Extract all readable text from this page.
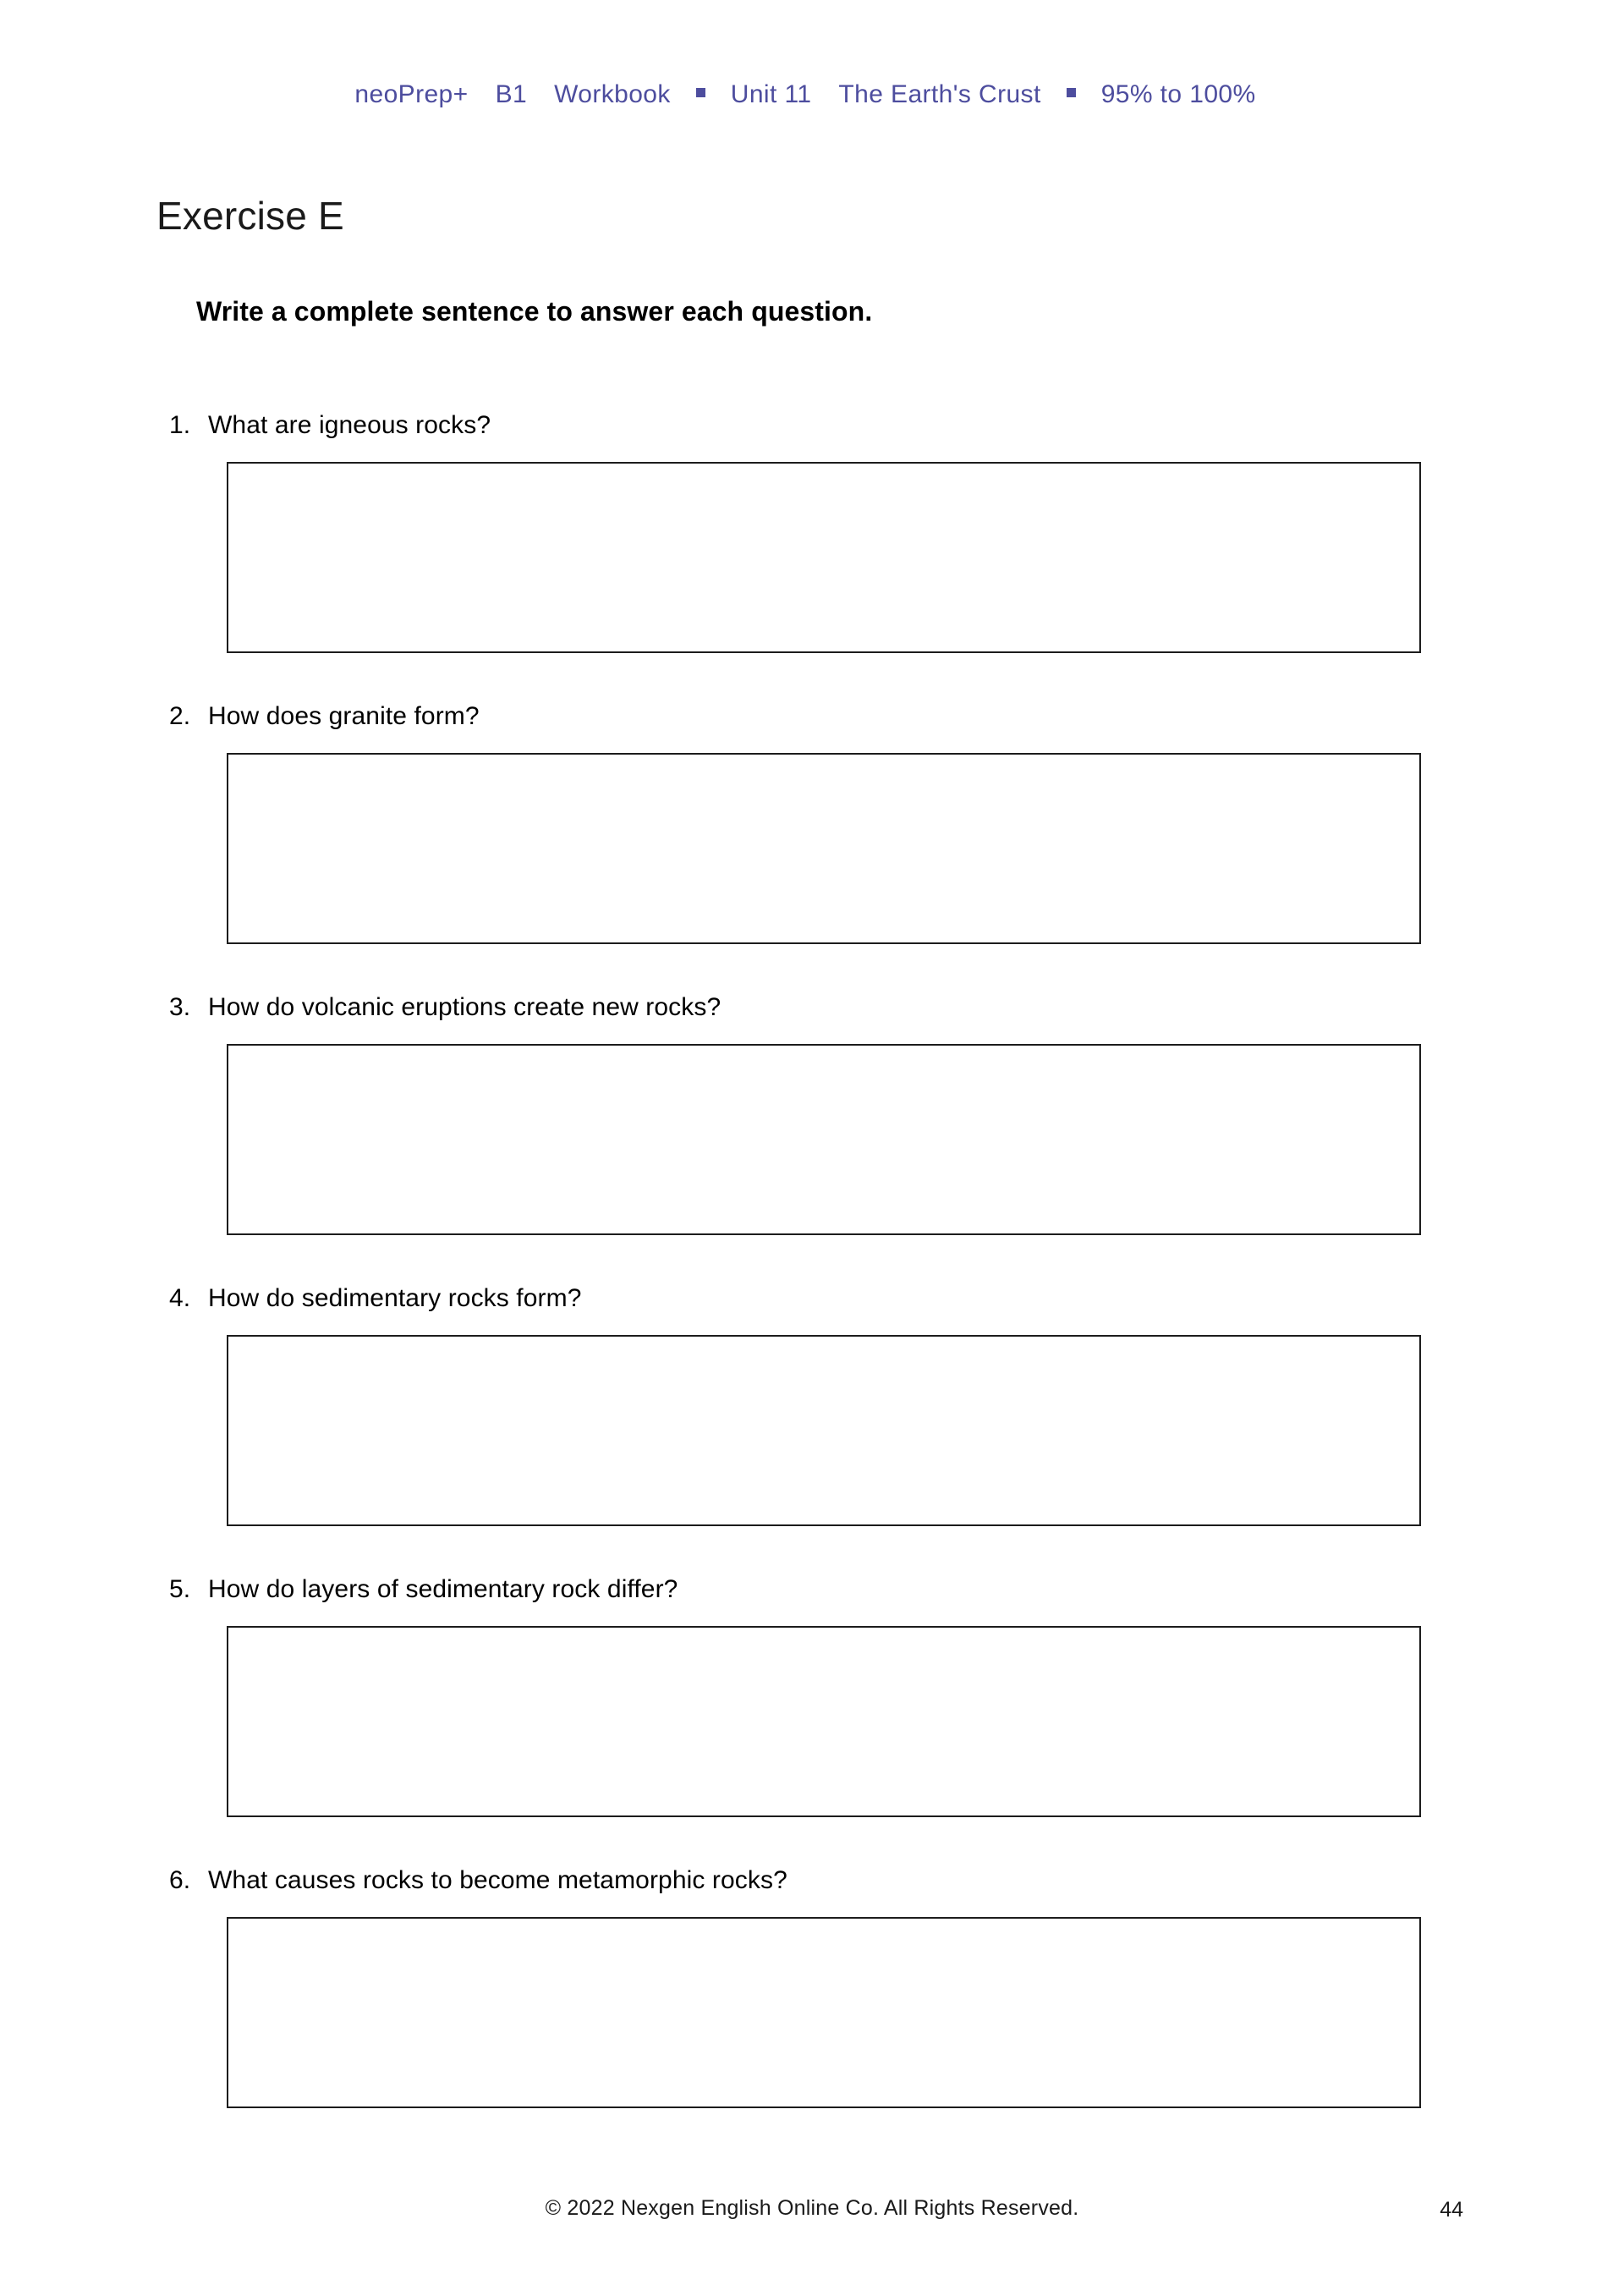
neoPrep+	B1	Workbook	Unit 11	The Earth's Crust	95% to 100%
Exercise E
Write a complete sentence to answer each question.
1. What are igneous rocks?
2. How does granite form?
3. How do volcanic eruptions create new rocks?
4. How do sedimentary rocks form?
5. How do layers of sedimentary rock differ?
6. What causes rocks to become metamorphic rocks?
© 2022 Nexgen English Online Co. All Rights Reserved.	44
